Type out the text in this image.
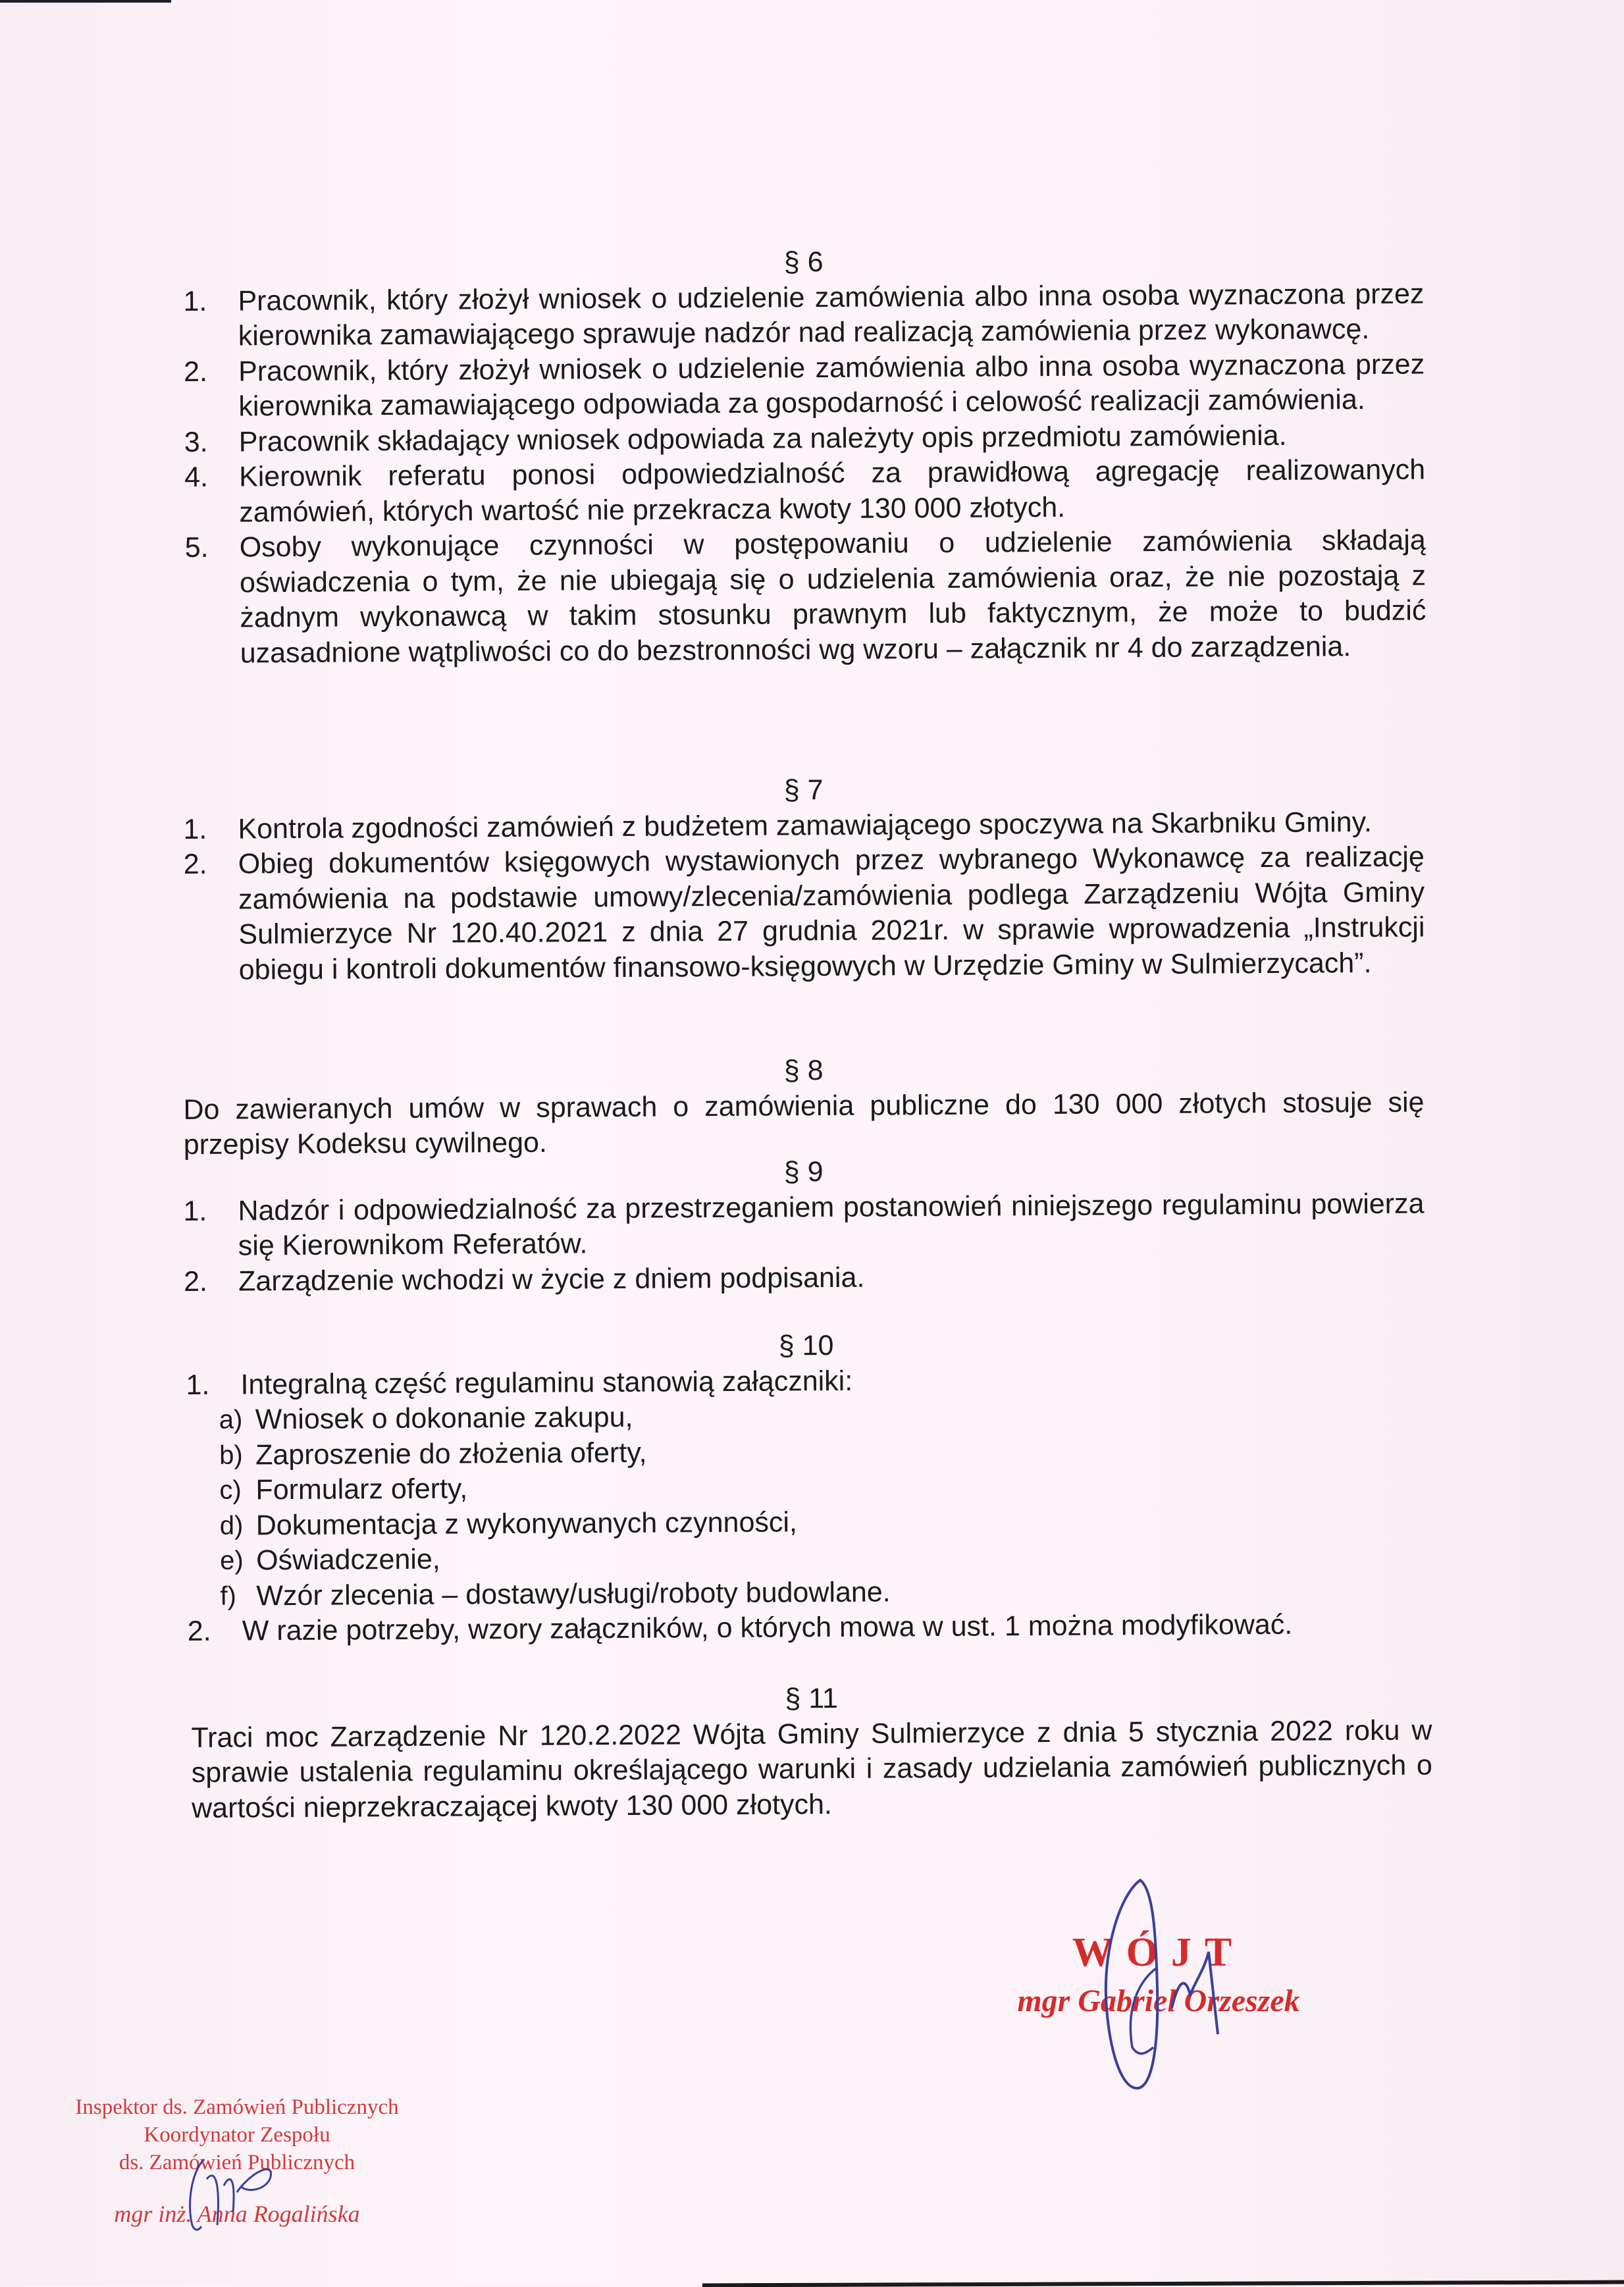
§ 6
1.	Pracownik, który złożył wniosek o udzielenie zamówienia albo inna osoba wyznaczona przez kierownika zamawiającego sprawuje nadzór nad realizacją zamówienia przez wykonawcę.
2.	Pracownik, który złożył wniosek o udzielenie zamówienia albo inna osoba wyznaczona przez kierownika zamawiającego odpowiada za gospodarność i celowość realizacji zamówienia.
3.	Pracownik składający wniosek odpowiada za należyty opis przedmiotu zamówienia.
4.	Kierownik referatu ponosi odpowiedzialność za prawidłową agregację realizowanych zamówień, których wartość nie przekracza kwoty 130 000 złotych.
5.	Osoby wykonujące czynności w postępowaniu o udzielenie zamówienia składają oświadczenia o tym, że nie ubiegają się o udzielenia zamówienia oraz, że nie pozostają z żadnym wykonawcą w takim stosunku prawnym lub faktycznym, że może to budzić uzasadnione wątpliwości co do bezstronności wg wzoru – załącznik nr 4 do zarządzenia.
§ 7
1.	Kontrola zgodności zamówień z budżetem zamawiającego spoczywa na Skarbniku Gminy.
2.	Obieg dokumentów księgowych wystawionych przez wybranego Wykonawcę za realizację zamówienia na podstawie umowy/zlecenia/zamówienia podlega Zarządzeniu Wójta Gminy Sulmierzyce Nr 120.40.2021 z dnia 27 grudnia 2021r. w sprawie wprowadzenia „Instrukcji obiegu i kontroli dokumentów finansowo-księgowych w Urzędzie Gminy w Sulmierzycach”.
§ 8
Do zawieranych umów w sprawach o zamówienia publiczne do 130 000 złotych stosuje się przepisy Kodeksu cywilnego.
§ 9
1.	Nadzór i odpowiedzialność za przestrzeganiem postanowień niniejszego regulaminu powierza się Kierownikom Referatów.
2.	Zarządzenie wchodzi w życie z dniem podpisania.
§ 10
1.	Integralną część regulaminu stanowią załączniki:
a) Wniosek o dokonanie zakupu,
b) Zaproszenie do złożenia oferty,
c) Formularz oferty,
d) Dokumentacja z wykonywanych czynności,
e) Oświadczenie,
f) Wzór zlecenia – dostawy/usługi/roboty budowlane.
2.	W razie potrzeby, wzory załączników, o których mowa w ust. 1 można modyfikować.
§ 11
Traci moc Zarządzenie Nr 120.2.2022 Wójta Gminy Sulmierzyce z dnia 5 stycznia 2022 roku w sprawie ustalenia regulaminu określającego warunki i zasady udzielania zamówień publicznych o wartości nieprzekraczającej kwoty 130 000 złotych.
WÓJT
mgr Gabriel Orzeszek
Inspektor ds. Zamówień Publicznych
Koordynator Zespołu
ds. Zamówień Publicznych
mgr inż. Anna Rogalińska
